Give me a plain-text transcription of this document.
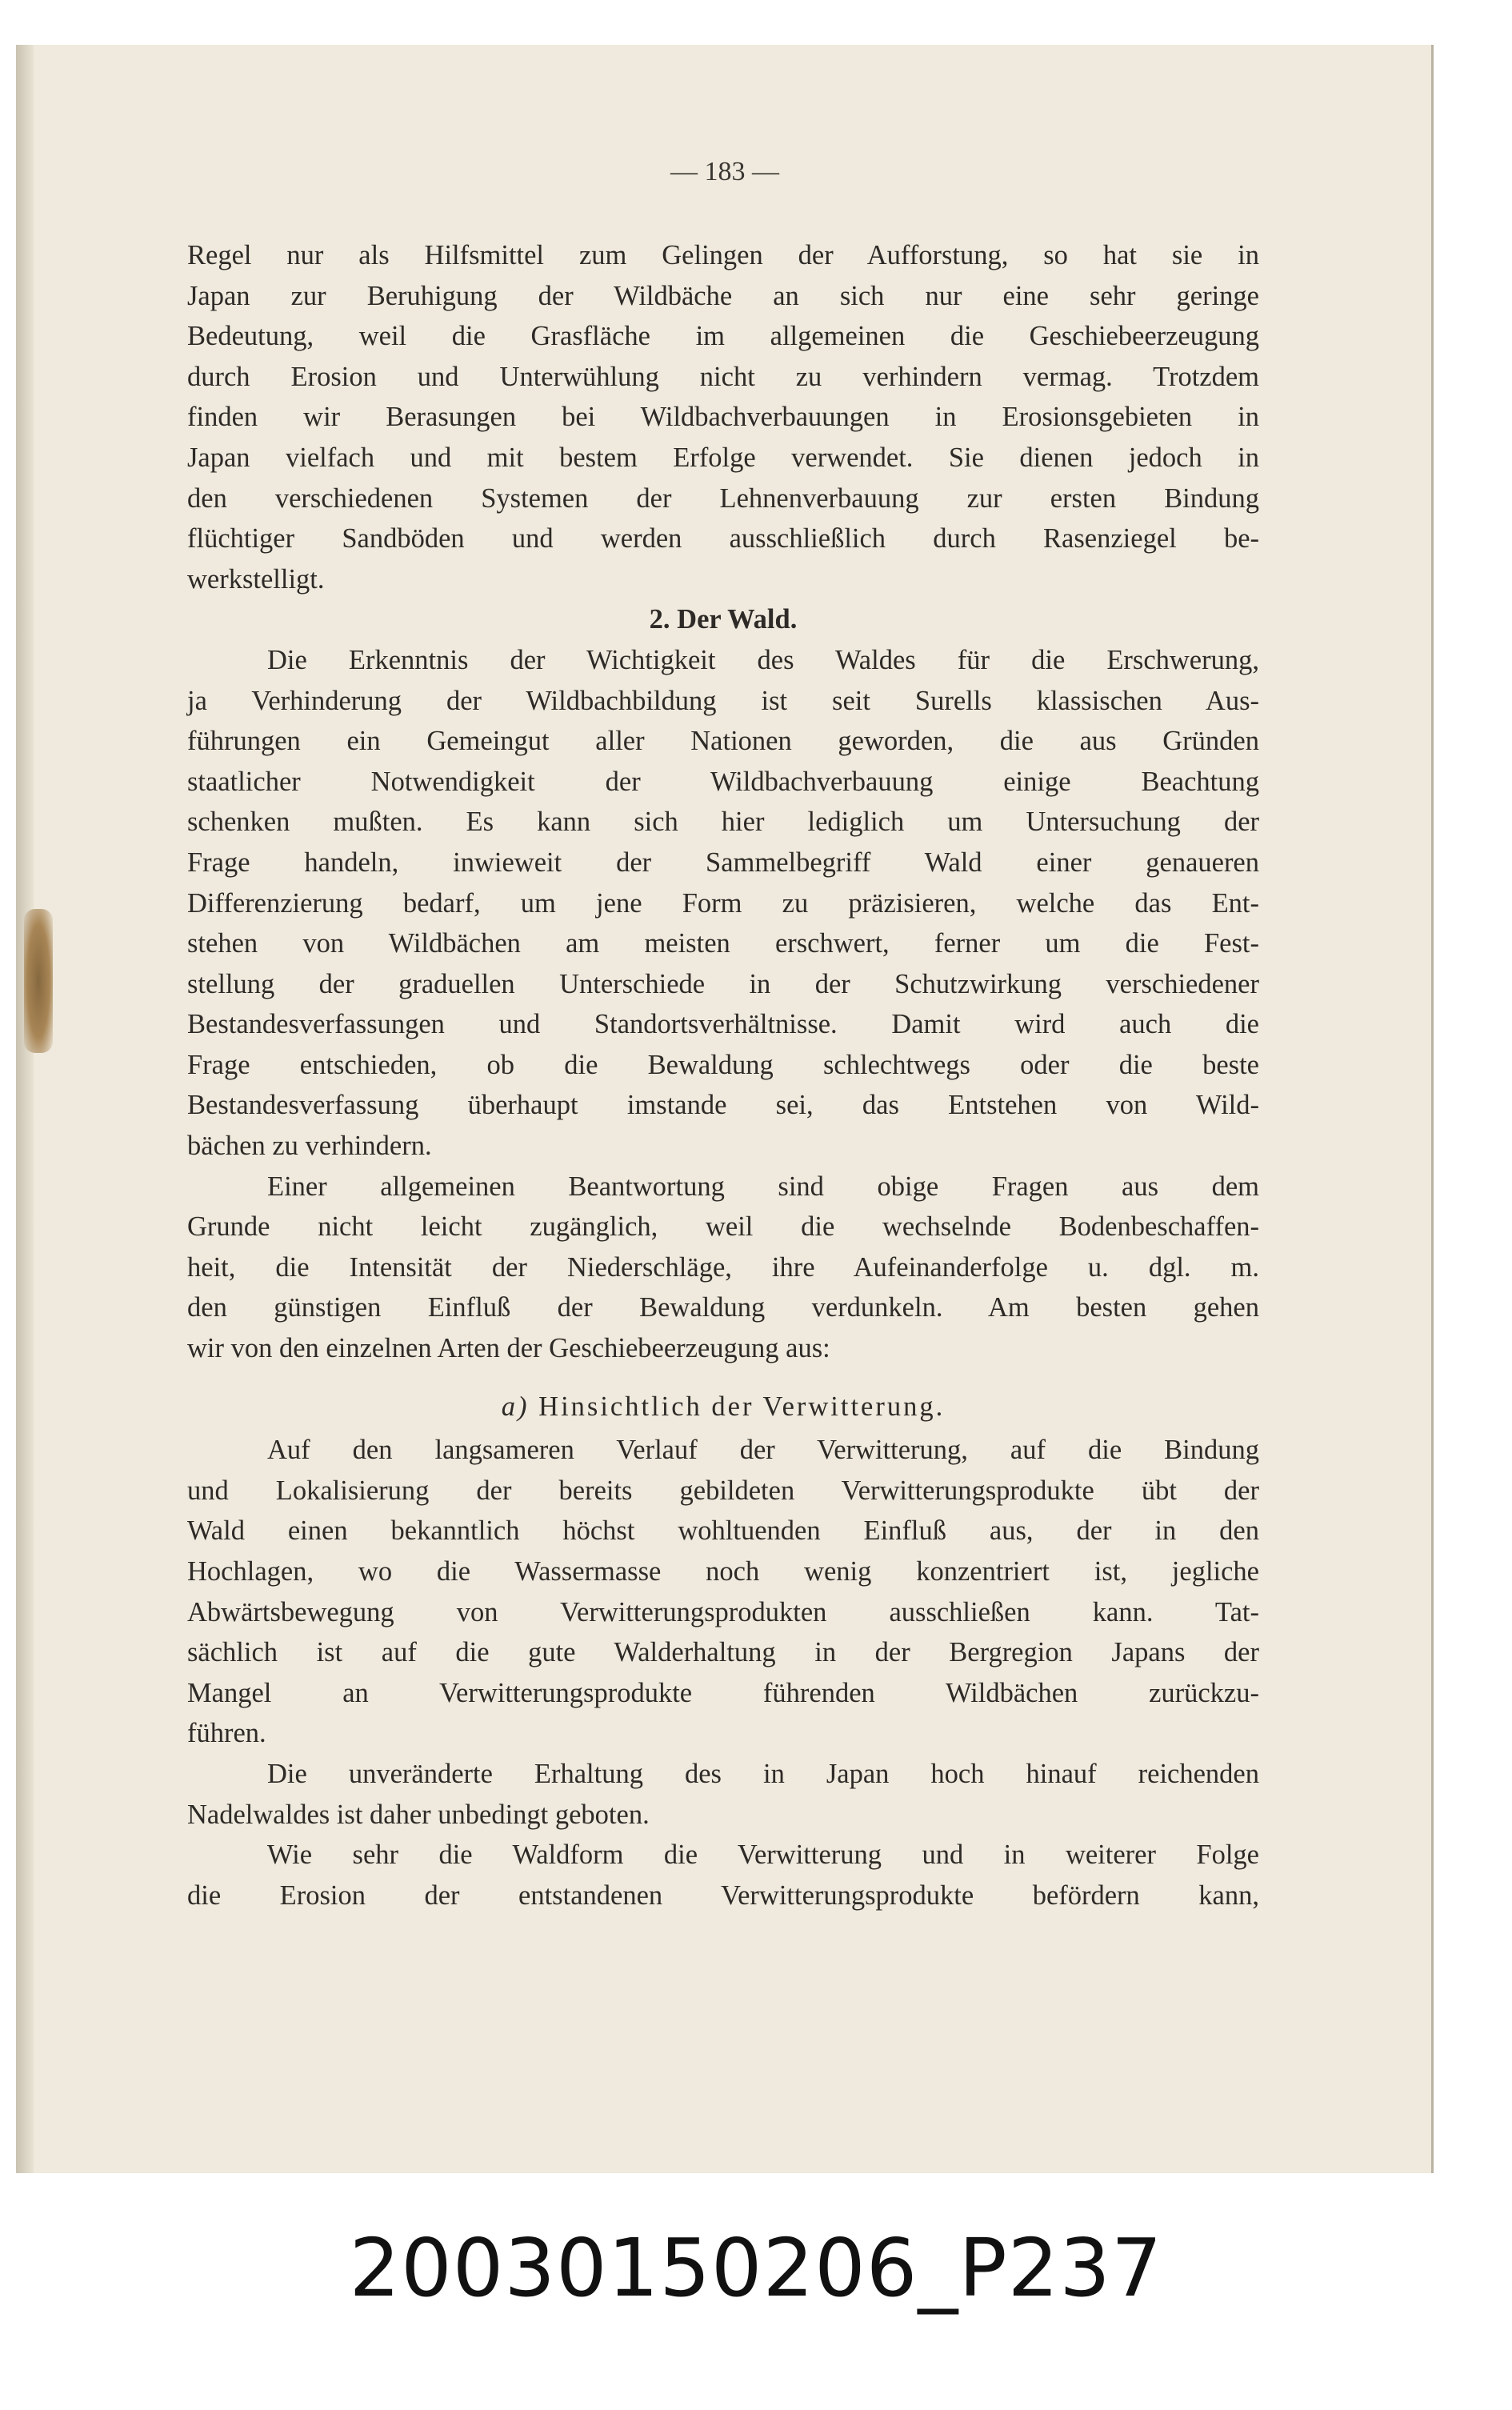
— 183 —
Regel nur als Hilfsmittel zum Gelingen der Aufforstung, so hat sie in
Japan zur Beruhigung der Wildbäche an sich nur eine sehr geringe
Bedeutung, weil die Grasfläche im allgemeinen die Geschiebeerzeugung
durch Erosion und Unterwühlung nicht zu verhindern vermag. Trotzdem
finden wir Berasungen bei Wildbachverbauungen in Erosionsgebieten in
Japan vielfach und mit bestem Erfolge verwendet. Sie dienen jedoch in
den verschiedenen Systemen der Lehnenverbauung zur ersten Bindung
flüchtiger Sandböden und werden ausschließlich durch Rasenziegel be-
werkstelligt.
2. Der Wald.
Die Erkenntnis der Wichtigkeit des Waldes für die Erschwerung,
ja Verhinderung der Wildbachbildung ist seit Surells klassischen Aus-
führungen ein Gemeingut aller Nationen geworden, die aus Gründen
staatlicher Notwendigkeit der Wildbachverbauung einige Beachtung
schenken mußten. Es kann sich hier lediglich um Untersuchung der
Frage handeln, inwieweit der Sammelbegriff Wald einer genaueren
Differenzierung bedarf, um jene Form zu präzisieren, welche das Ent-
stehen von Wildbächen am meisten erschwert, ferner um die Fest-
stellung der graduellen Unterschiede in der Schutzwirkung verschiedener
Bestandesverfassungen und Standortsverhältnisse. Damit wird auch die
Frage entschieden, ob die Bewaldung schlechtwegs oder die beste
Bestandesverfassung überhaupt imstande sei, das Entstehen von Wild-
bächen zu verhindern.
Einer allgemeinen Beantwortung sind obige Fragen aus dem
Grunde nicht leicht zugänglich, weil die wechselnde Bodenbeschaffen-
heit, die Intensität der Niederschläge, ihre Aufeinanderfolge u. dgl. m.
den günstigen Einfluß der Bewaldung verdunkeln. Am besten gehen
wir von den einzelnen Arten der Geschiebeerzeugung aus:
a) Hinsichtlich der Verwitterung.
Auf den langsameren Verlauf der Verwitterung, auf die Bindung
und Lokalisierung der bereits gebildeten Verwitterungsprodukte übt der
Wald einen bekanntlich höchst wohltuenden Einfluß aus, der in den
Hochlagen, wo die Wassermasse noch wenig konzentriert ist, jegliche
Abwärtsbewegung von Verwitterungsprodukten ausschließen kann. Tat-
sächlich ist auf die gute Walderhaltung in der Bergregion Japans der
Mangel an Verwitterungsprodukte führenden Wildbächen zurückzu-
führen.
Die unveränderte Erhaltung des in Japan hoch hinauf reichenden
Nadelwaldes ist daher unbedingt geboten.
Wie sehr die Waldform die Verwitterung und in weiterer Folge
die Erosion der entstandenen Verwitterungsprodukte befördern kann,
20030150206_P237
